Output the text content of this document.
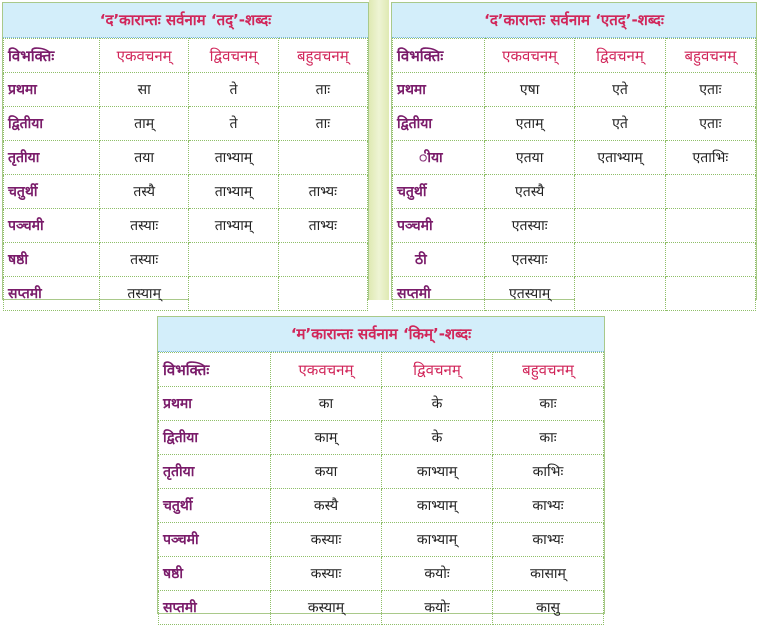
‘द’कारान्तः सर्वनाम ‘तद्’-शब्दः
विभक्तिः	एकवचनम्	द्विवचनम्	बहुवचनम्
प्रथमा	सा	ते	ताः
द्वितीया	ताम्	ते	ताः
तृतीया	तया	ताभ्याम्	
चतुर्थी	तस्यै	ताभ्याम्	ताभ्यः
पञ्चमी	तस्याः	ताभ्याम्	ताभ्यः
षष्ठी	तस्याः		
सप्तमी	तस्याम्		
‘द’कारान्तः सर्वनाम ‘एतद्’-शब्दः
विभक्तिः	एकवचनम्	द्विवचनम्	बहुवचनम्
प्रथमा	एषा	एते	एताः
द्वितीया	एताम्	एते	एताः
ीया	एतया	एताभ्याम्	एताभिः
चतुर्थी	एतस्यै		
पञ्चमी	एतस्याः		
ठी	एतस्याः		
सप्तमी	एतस्याम्		
‘म’कारान्तः सर्वनाम ‘किम्’-शब्दः
विभक्तिः	एकवचनम्	द्विवचनम्	बहुवचनम्
प्रथमा	का	के	काः
द्वितीया	काम्	के	काः
तृतीया	कया	काभ्याम्	काभिः
चतुर्थी	कस्यै	काभ्याम्	काभ्यः
पञ्चमी	कस्याः	काभ्याम्	काभ्यः
षष्ठी	कस्याः	कयोः	कासाम्
सप्तमी	कस्याम्	कयोः	कासु
